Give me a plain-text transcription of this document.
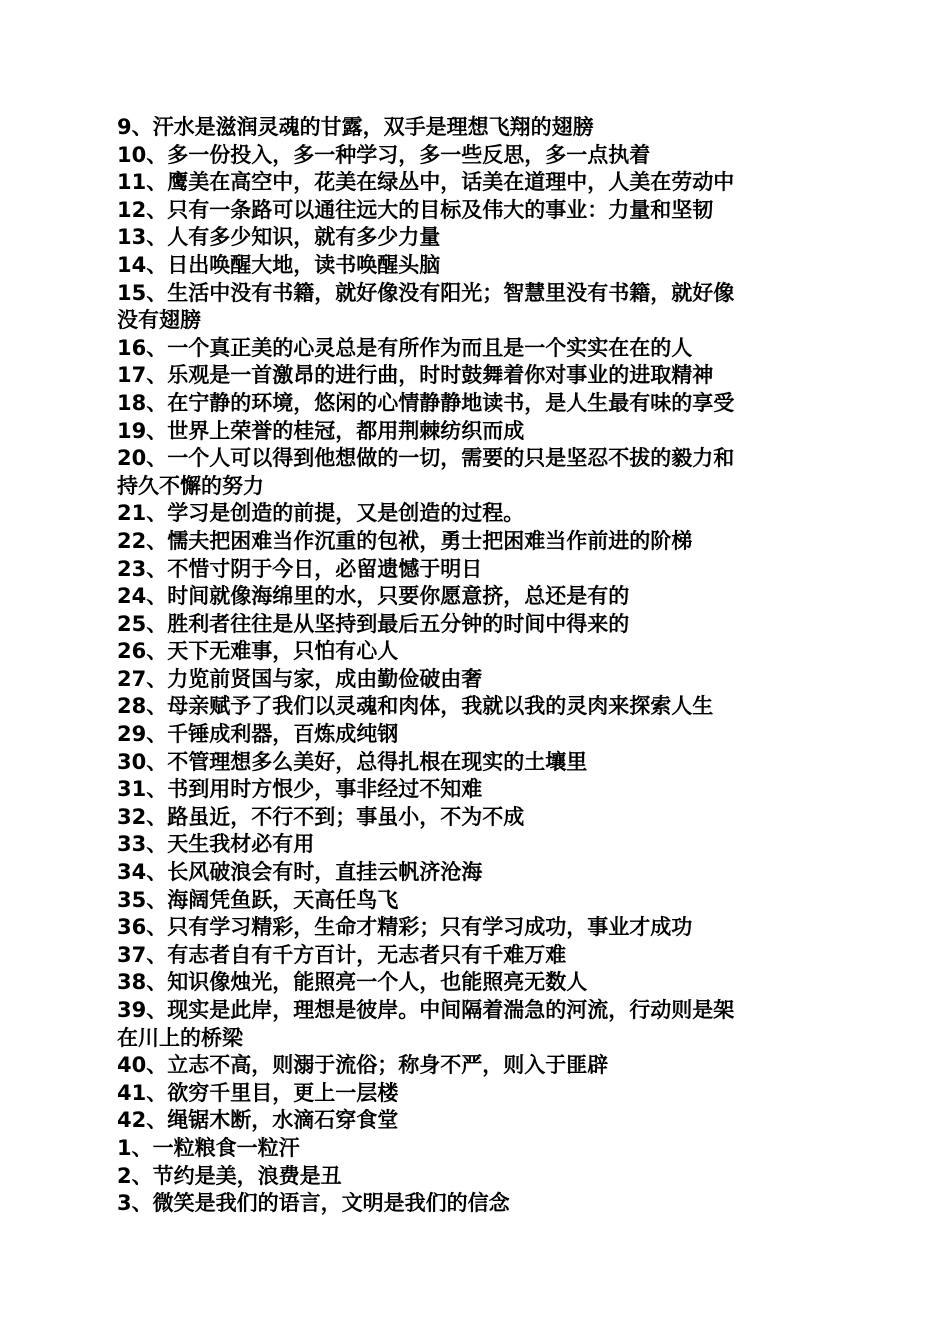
9、汗水是滋润灵魂的甘露，双手是理想飞翔的翅膀
10、多一份投入，多一种学习，多一些反思，多一点执着
11、鹰美在高空中，花美在绿丛中，话美在道理中，人美在劳动中
12、只有一条路可以通往远大的目标及伟大的事业：力量和坚韧
13、人有多少知识，就有多少力量
14、日出唤醒大地，读书唤醒头脑
15、生活中没有书籍，就好像没有阳光；智慧里没有书籍，就好像
没有翅膀
16、一个真正美的心灵总是有所作为而且是一个实实在在的人
17、乐观是一首激昂的进行曲，时时鼓舞着你对事业的进取精神
18、在宁静的环境，悠闲的心情静静地读书，是人生最有味的享受
19、世界上荣誉的桂冠，都用荆棘纺织而成
20、一个人可以得到他想做的一切，需要的只是坚忍不拔的毅力和
持久不懈的努力
21、学习是创造的前提，又是创造的过程。
22、懦夫把困难当作沉重的包袱，勇士把困难当作前进的阶梯
23、不惜寸阴于今日，必留遗憾于明日
24、时间就像海绵里的水，只要你愿意挤，总还是有的
25、胜利者往往是从坚持到最后五分钟的时间中得来的
26、天下无难事，只怕有心人
27、力览前贤国与家，成由勤俭破由奢
28、母亲赋予了我们以灵魂和肉体，我就以我的灵肉来探索人生
29、千锤成利器，百炼成纯钢
30、不管理想多么美好，总得扎根在现实的土壤里
31、书到用时方恨少，事非经过不知难
32、路虽近，不行不到；事虽小，不为不成
33、天生我材必有用
34、长风破浪会有时，直挂云帆济沧海
35、海阔凭鱼跃，天高任鸟飞
36、只有学习精彩，生命才精彩；只有学习成功，事业才成功
37、有志者自有千方百计，无志者只有千难万难
38、知识像烛光，能照亮一个人，也能照亮无数人
39、现实是此岸，理想是彼岸。中间隔着湍急的河流，行动则是架
在川上的桥梁
40、立志不高，则溺于流俗；称身不严，则入于匪辟
41、欲穷千里目，更上一层楼
42、绳锯木断，水滴石穿食堂
1、一粒粮食一粒汗
2、节约是美，浪费是丑
3、微笑是我们的语言，文明是我们的信念
